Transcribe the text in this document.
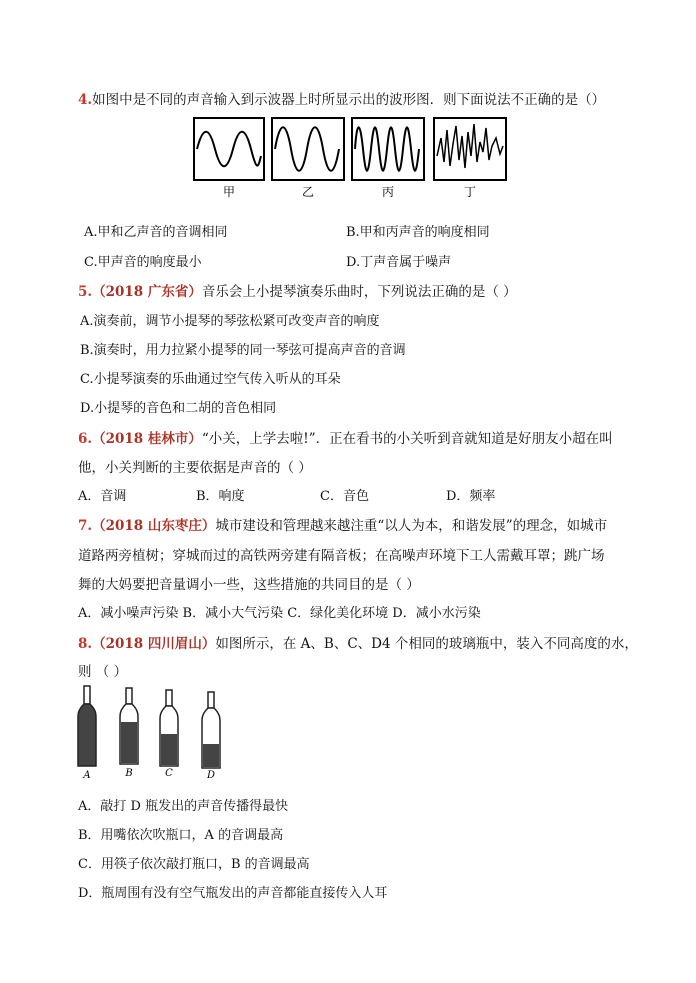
4.如图中是不同的声音输入到示波器上时所显示出的波形图．则下面说法不正确的是（）
甲	乙	丙	丁
A.甲和乙声音的音调相同	B.甲和丙声音的响度相同
C.甲声音的响度最小	D.丁声音属于噪声
5.（2018 广东省）音乐会上小提琴演奏乐曲时，下列说法正确的是（ ）
A.演奏前，调节小提琴的琴弦松紧可改变声音的响度
B.演奏时，用力拉紧小提琴的同一琴弦可提高声音的音调
C.小提琴演奏的乐曲通过空气传入听从的耳朵
D.小提琴的音色和二胡的音色相同
6.（2018 桂林市）“小关，上学去啦!”．正在看书的小关听到音就知道是好朋友小超在叫
他，小关判断的主要依据是声音的（ ）
A．音调	B．响度	C．音色	D．频率
7.（2018 山东枣庄）城市建设和管理越来越注重“以人为本，和谐发展”的理念，如城市
道路两旁植树；穿城而过的高铁两旁建有隔音板；在高噪声环境下工人需戴耳罩；跳广场
舞的大妈要把音量调小一些，这些措施的共同目的是（ ）
A．减小噪声污染 B．减小大气污染 C．绿化美化环境 D．减小水污染
8.（2018 四川眉山）如图所示，在 A、B、C、D4 个相同的玻璃瓶中，装入不同高度的水，
则 （ ）
A	B	C	D
A．敲打 D 瓶发出的声音传播得最快
B．用嘴依次吹瓶口，A 的音调最高
C．用筷子依次敲打瓶口，B 的音调最高
D．瓶周围有没有空气瓶发出的声音都能直接传入人耳
